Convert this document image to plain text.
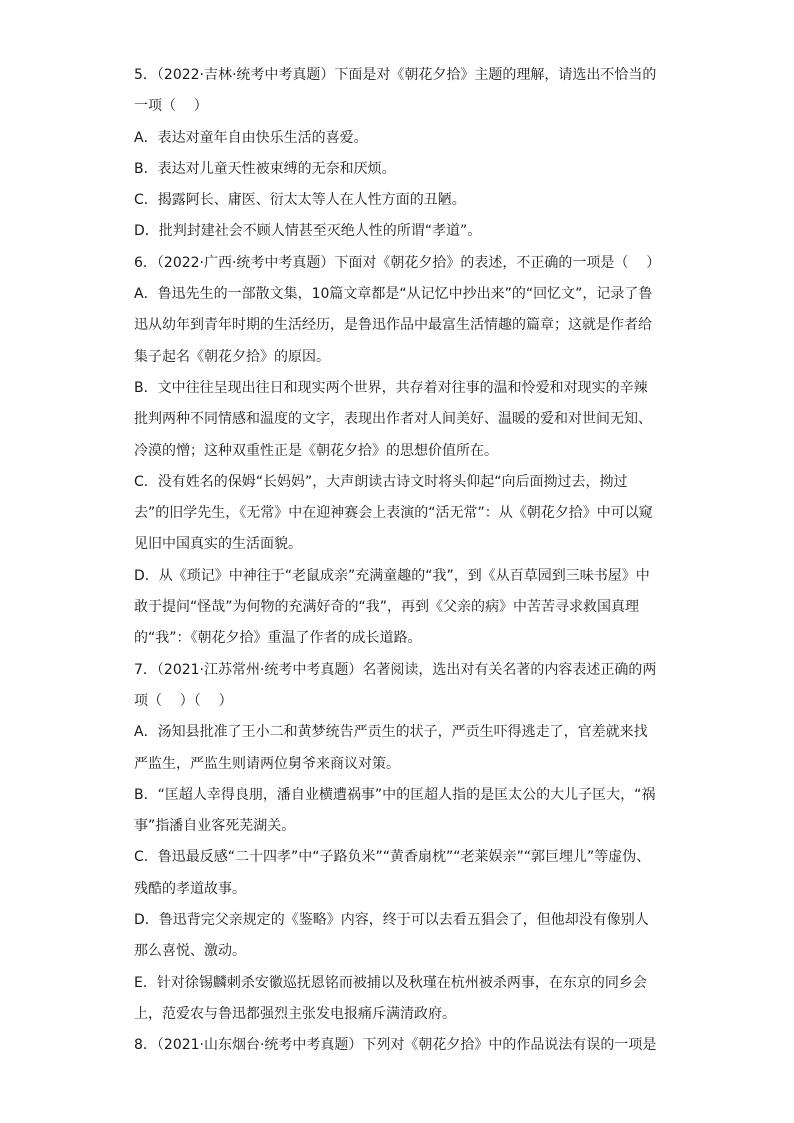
5．（2022·吉林·统考中考真题）下面是对《朝花夕拾》主题的理解，请选出不恰当的一项（    ）

A．表达对童年自由快乐生活的喜爱。

B．表达对儿童天性被束缚的无奈和厌烦。

C．揭露阿长、庸医、衍太太等人在人性方面的丑陋。

D．批判封建社会不顾人情甚至灭绝人性的所谓“孝道”。

6．（2022·广西·统考中考真题）下面对《朝花夕拾》的表述，不正确的一项是（    ）

A．鲁迅先生的一部散文集，10篇文章都是“从记忆中抄出来”的“回忆文”，记录了鲁迅从幼年到青年时期的生活经历，是鲁迅作品中最富生活情趣的篇章；这就是作者给集子起名《朝花夕拾》的原因。

B．文中往往呈现出往日和现实两个世界，共存着对往事的温和怜爱和对现实的辛辣批判两种不同情感和温度的文字，表现出作者对人间美好、温暖的爱和对世间无知、冷漠的憎；这种双重性正是《朝花夕拾》的思想价值所在。

C．没有姓名的保姆“长妈妈”，大声朗读古诗文时将头仰起“向后面拗过去，拗过去”的旧学先生，《无常》中在迎神赛会上表演的“活无常”：从《朝花夕拾》中可以窥见旧中国真实的生活面貌。

D．从《琐记》中神往于“老鼠成亲”充满童趣的“我”，到《从百草园到三味书屋》中敢于提问“怪哉”为何物的充满好奇的“我”，再到《父亲的病》中苦苦寻求救国真理的“我”：《朝花夕拾》重温了作者的成长道路。

7．（2021·江苏常州·统考中考真题）名著阅读，选出对有关名著的内容表述正确的两项（    ）（    ）

A．汤知县批准了王小二和黄梦统告严贡生的状子，严贡生吓得逃走了，官差就来找严监生，严监生则请两位舅爷来商议对策。

B．“匡超人幸得良朋，潘自业横遭祸事”中的匡超人指的是匡太公的大儿子匡大，“祸事”指潘自业客死芜湖关。

C．鲁迅最反感“二十四孝”中“子路负米”“黄香扇枕”“老莱娱亲”“郭巨埋儿”等虚伪、残酷的孝道故事。

D．鲁迅背完父亲规定的《鉴略》内容，终于可以去看五猖会了，但他却没有像别人那么喜悦、激动。

E．针对徐锡麟刺杀安徽巡抚恩铭而被捕以及秋瑾在杭州被杀两事，在东京的同乡会上，范爱农与鲁迅都强烈主张发电报痛斥满清政府。

8．（2021·山东烟台·统考中考真题）下列对《朝花夕拾》中的作品说法有误的一项是
